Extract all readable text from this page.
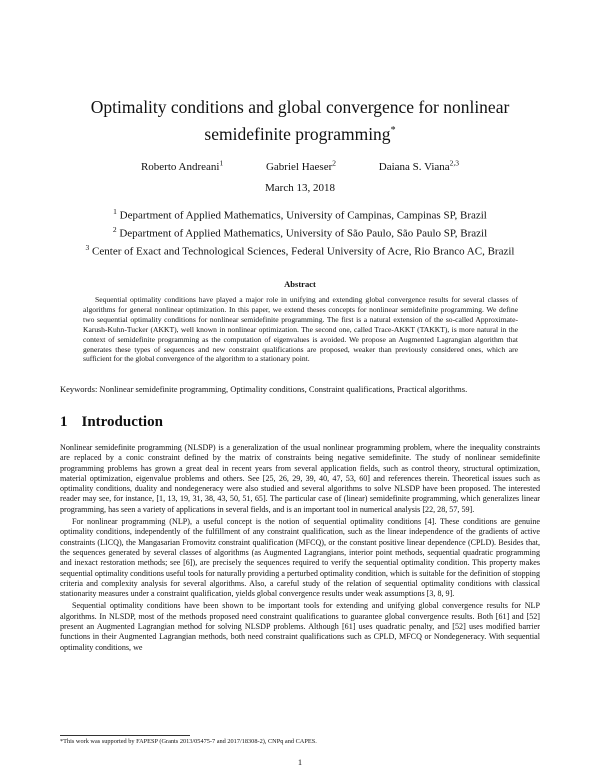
Optimality conditions and global convergence for nonlinear
semidefinite programming*
Roberto Andreani$^1$	Gabriel Haeser$^2$	Daiana S. Viana$^{2,3}$
March 13, 2018
$^1$ Department of Applied Mathematics, University of Campinas, Campinas SP, Brazil
$^2$ Department of Applied Mathematics, University of São Paulo, São Paulo SP, Brazil
$^3$ Center of Exact and Technological Sciences, Federal University of Acre, Rio Branco AC, Brazil
Abstract
Sequential optimality conditions have played a major role in unifying and extending global convergence results for several classes of algorithms for general nonlinear optimization. In this paper, we extend theses concepts for nonlinear semidefinite programming. We define two sequential optimality conditions for nonlinear semidefinite programming. The first is a natural extension of the so-called Approximate-Karush-Kuhn-Tucker (AKKT), well known in nonlinear optimization. The second one, called Trace-AKKT (TAKKT), is more natural in the context of semidefinite programming as the computation of eigenvalues is avoided. We propose an Augmented Lagrangian algorithm that generates these types of sequences and new constraint qualifications are proposed, weaker than previously considered ones, which are sufficient for the global convergence of the algorithm to a stationary point.
Keywords: Nonlinear semidefinite programming, Optimality conditions, Constraint qualifications, Practical algorithms.
1 Introduction

Nonlinear semidefinite programming (NLSDP) is a generalization of the usual nonlinear programming problem, where the inequality constraints are replaced by a conic constraint defined by the matrix of constraints being negative semidefinite. The study of nonlinear semidefinite programming problems has grown a great deal in recent years from several application fields, such as control theory, structural optimization, material optimization, eigenvalue problems and others. See [25, 26, 29, 39, 40, 47, 53, 60] and references therein. Theoretical issues such as optimality conditions, duality and nondegeneracy were also studied and several algorithms to solve NLSDP have been proposed. The interested reader may see, for instance, [1, 13, 19, 31, 38, 43, 50, 51, 65]. The particular case of (linear) semidefinite programming, which generalizes linear programming, has seen a variety of applications in several fields, and is an important tool in numerical analysis [22, 28, 57, 59].

For nonlinear programming (NLP), a useful concept is the notion of sequential optimality conditions [4]. These conditions are genuine optimality conditions, independently of the fulfillment of any constraint qualification, such as the linear independence of the gradients of active constraints (LICQ), the Mangasarian Fromovitz constraint qualification (MFCQ), or the constant positive linear dependence (CPLD). Besides that, the sequences generated by several classes of algorithms (as Augmented Lagrangians, interior point methods, sequential quadratic programming and inexact restoration methods; see [6]), are precisely the sequences required to verify the sequential optimality condition. This property makes sequential optimality conditions useful tools for naturally providing a perturbed optimality condition, which is suitable for the definition of stopping criteria and complexity analysis for several algorithms. Also, a careful study of the relation of sequential optimality conditions with classical stationarity measures under a constraint qualification, yields global convergence results under weak assumptions [3, 8, 9].

Sequential optimality conditions have been shown to be important tools for extending and unifying global convergence results for NLP algorithms. In NLSDP, most of the methods proposed need constraint qualifications to guarantee global convergence results. Both [61] and [52] present an Augmented Lagrangian method for solving NLSDP problems. Although [61] uses quadratic penalty, and [52] uses modified barrier functions in their Augmented Lagrangian methods, both need constraint qualifications such as CPLD, MFCQ or Nondegeneracy. With sequential optimality conditions, we

*This work was supported by FAPESP (Grants 2013/05475-7 and 2017/18308-2), CNPq and CAPES.
1
